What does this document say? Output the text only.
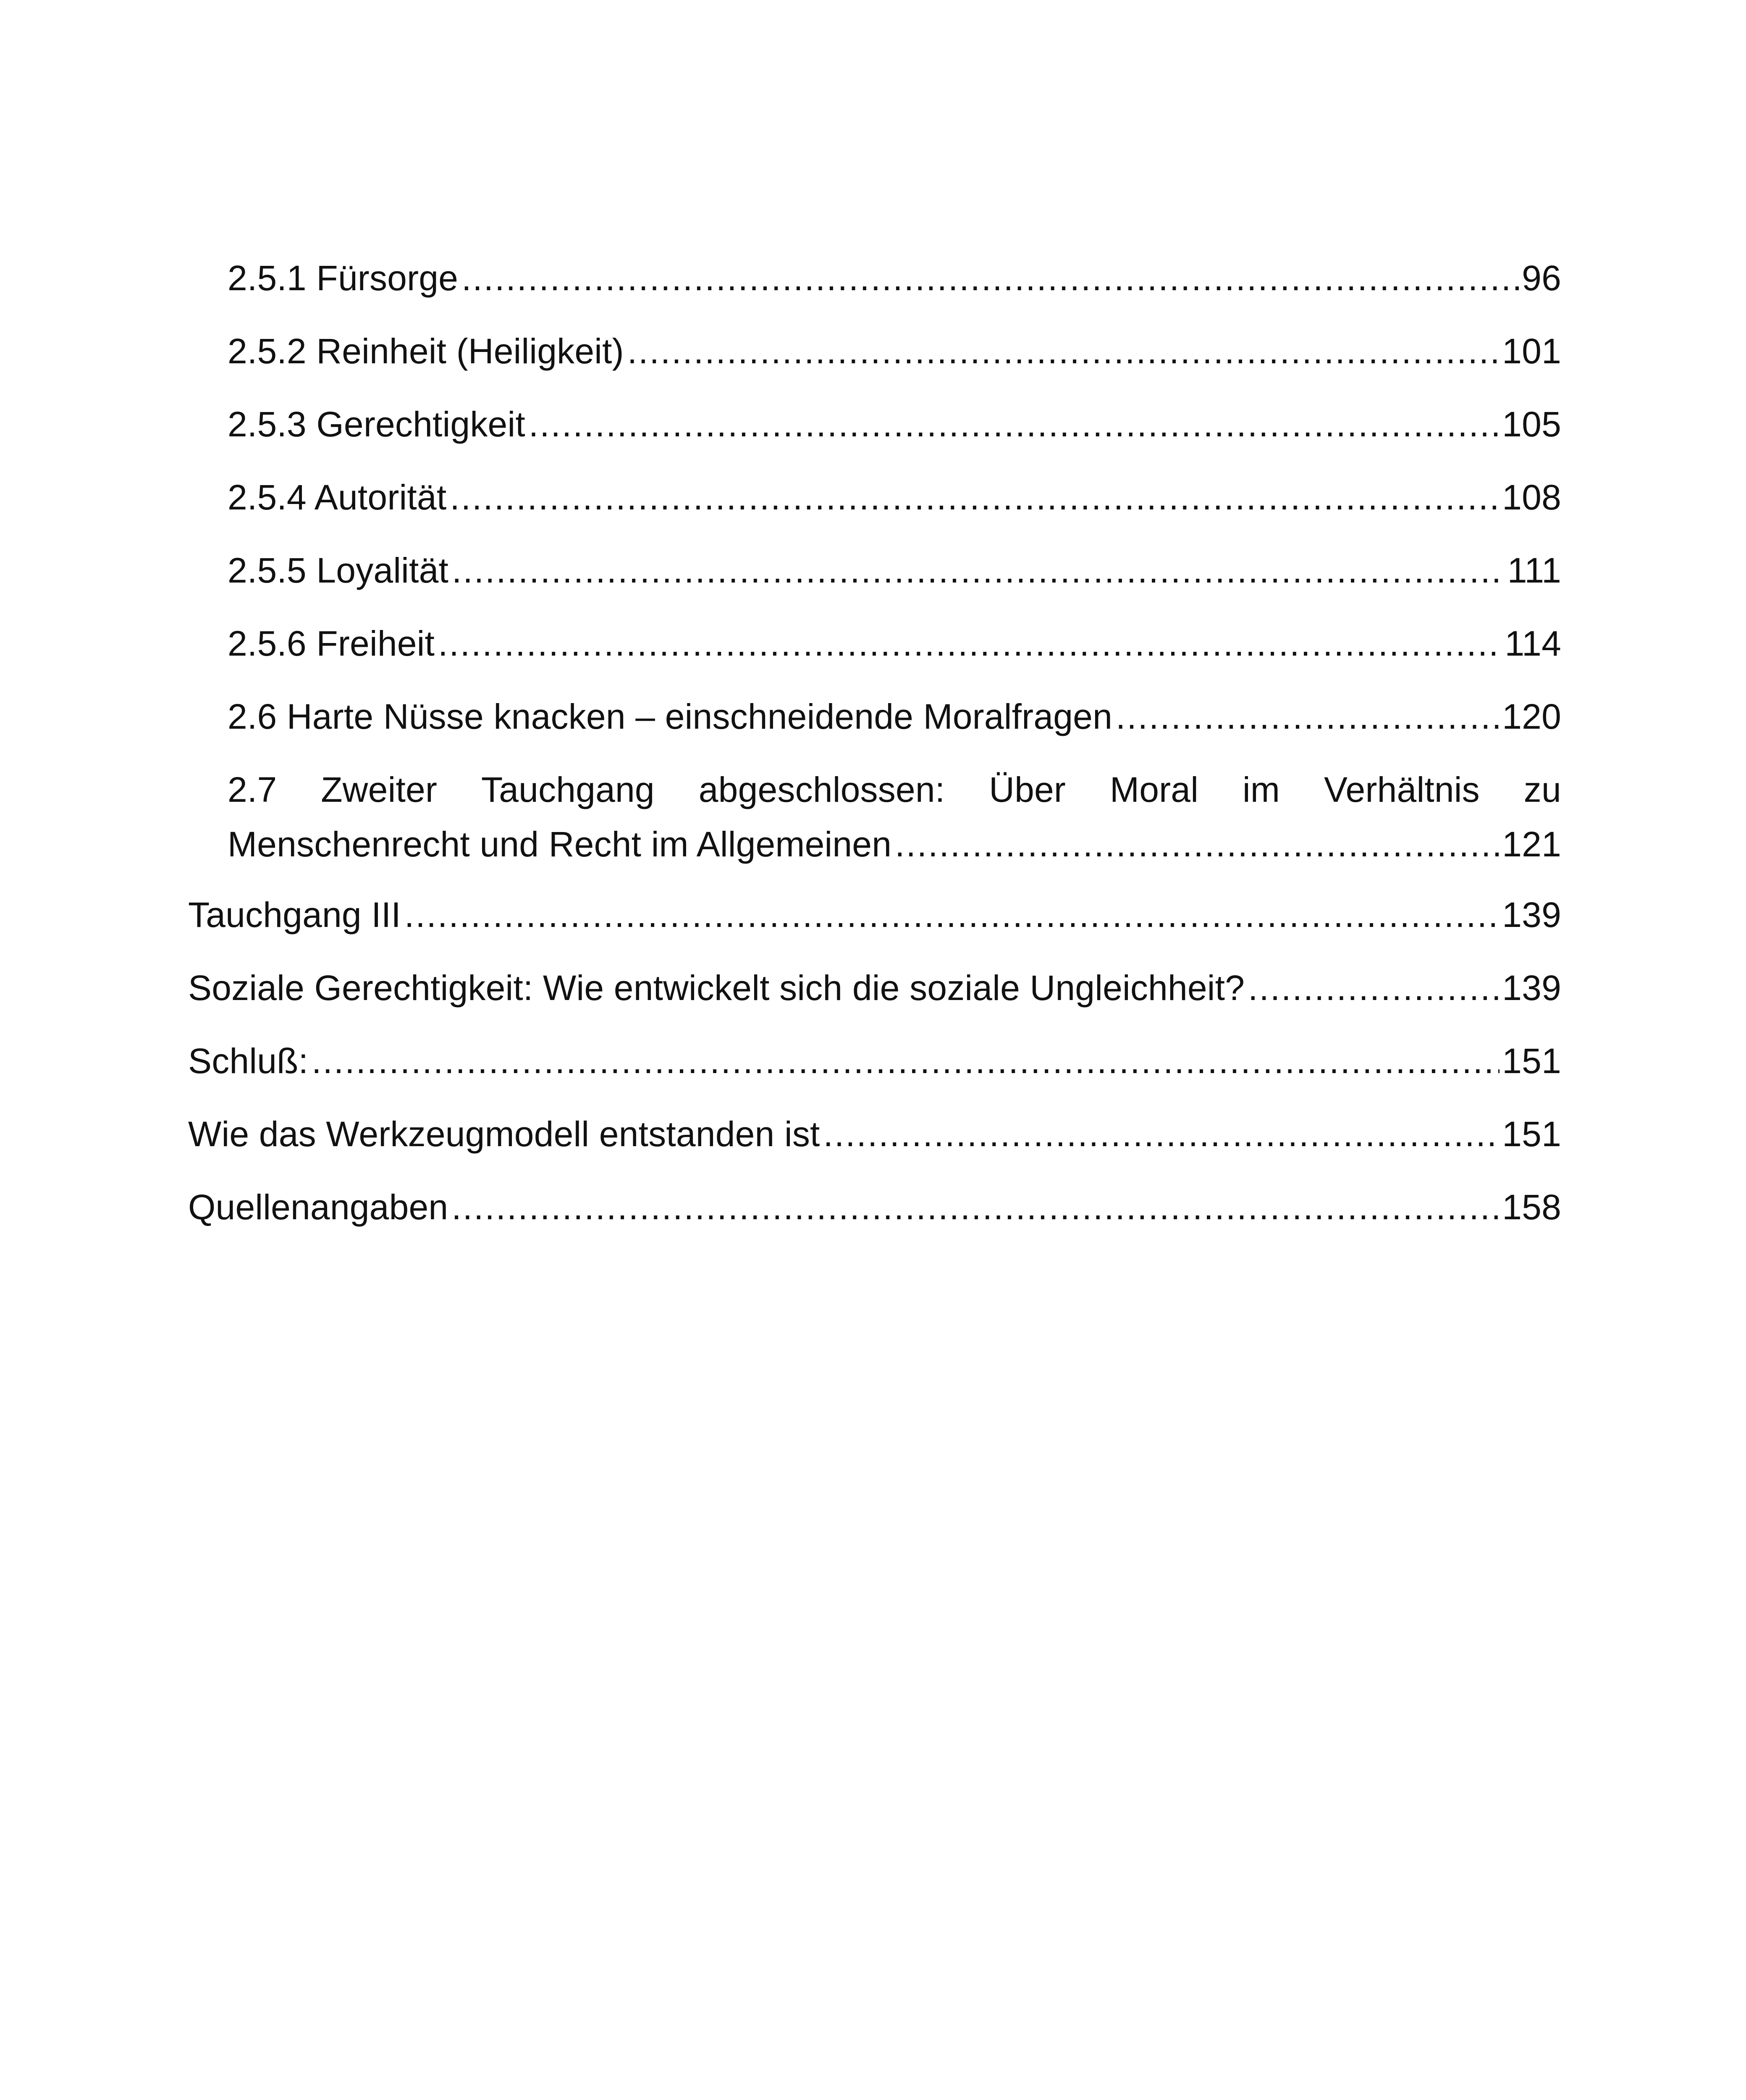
2.5.1 Fürsorge .....	96
2.5.2 Reinheit (Heiligkeit) .....	101
2.5.3 Gerechtigkeit .....	105
2.5.4 Autorität .....	108
2.5.5 Loyalität .....	111
2.5.6 Freiheit .....	114
2.6 Harte Nüsse knacken – einschneidende Moralfragen .....	120
2.7 Zweiter Tauchgang abgeschlossen: Über Moral im Verhältnis zu
Menschenrecht und Recht im Allgemeinen .....	121
Tauchgang III .....	139
Soziale Gerechtigkeit: Wie entwickelt sich die soziale Ungleichheit? .....	139
Schluß: .....	151
Wie das Werkzeugmodell entstanden ist .....	151
Quellenangaben .....	158
